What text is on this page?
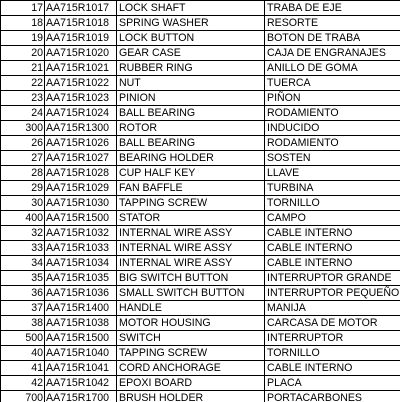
17	AA715R1017	LOCK SHAFT	TRABA DE EJE
18	AA715R1018	SPRING WASHER	RESORTE
19	AA715R1019	LOCK BUTTON	BOTON DE TRABA
20	AA715R1020	GEAR CASE	CAJA DE ENGRANAJES
21	AA715R1021	RUBBER RING	ANILLO DE GOMA
22	AA715R1022	NUT	TUERCA
23	AA715R1023	PINION	PIÑON
24	AA715R1024	BALL BEARING	RODAMIENTO
300	AA715R1300	ROTOR	INDUCIDO
26	AA715R1026	BALL BEARING	RODAMIENTO
27	AA715R1027	BEARING HOLDER	SOSTEN
28	AA715R1028	CUP HALF KEY	LLAVE
29	AA715R1029	FAN BAFFLE	TURBINA
30	AA715R1030	TAPPING SCREW	TORNILLO
400	AA715R1500	STATOR	CAMPO
32	AA715R1032	INTERNAL WIRE ASSY	CABLE INTERNO
33	AA715R1033	INTERNAL WIRE ASSY	CABLE INTERNO
34	AA715R1034	INTERNAL WIRE ASSY	CABLE INTERNO
35	AA715R1035	BIG SWITCH BUTTON	INTERRUPTOR GRANDE
36	AA715R1036	SMALL SWITCH BUTTON	INTERRUPTOR PEQUEÑO
37	AA715R1400	HANDLE	MANIJA
38	AA715R1038	MOTOR HOUSING	CARCASA DE MOTOR
500	AA715R1500	SWITCH	INTERRUPTOR
40	AA715R1040	TAPPING SCREW	TORNILLO
41	AA715R1041	CORD ANCHORAGE	CABLE INTERNO
42	AA715R1042	EPOXI BOARD	PLACA
700	AA715R1700	BRUSH HOLDER	PORTACARBONES
